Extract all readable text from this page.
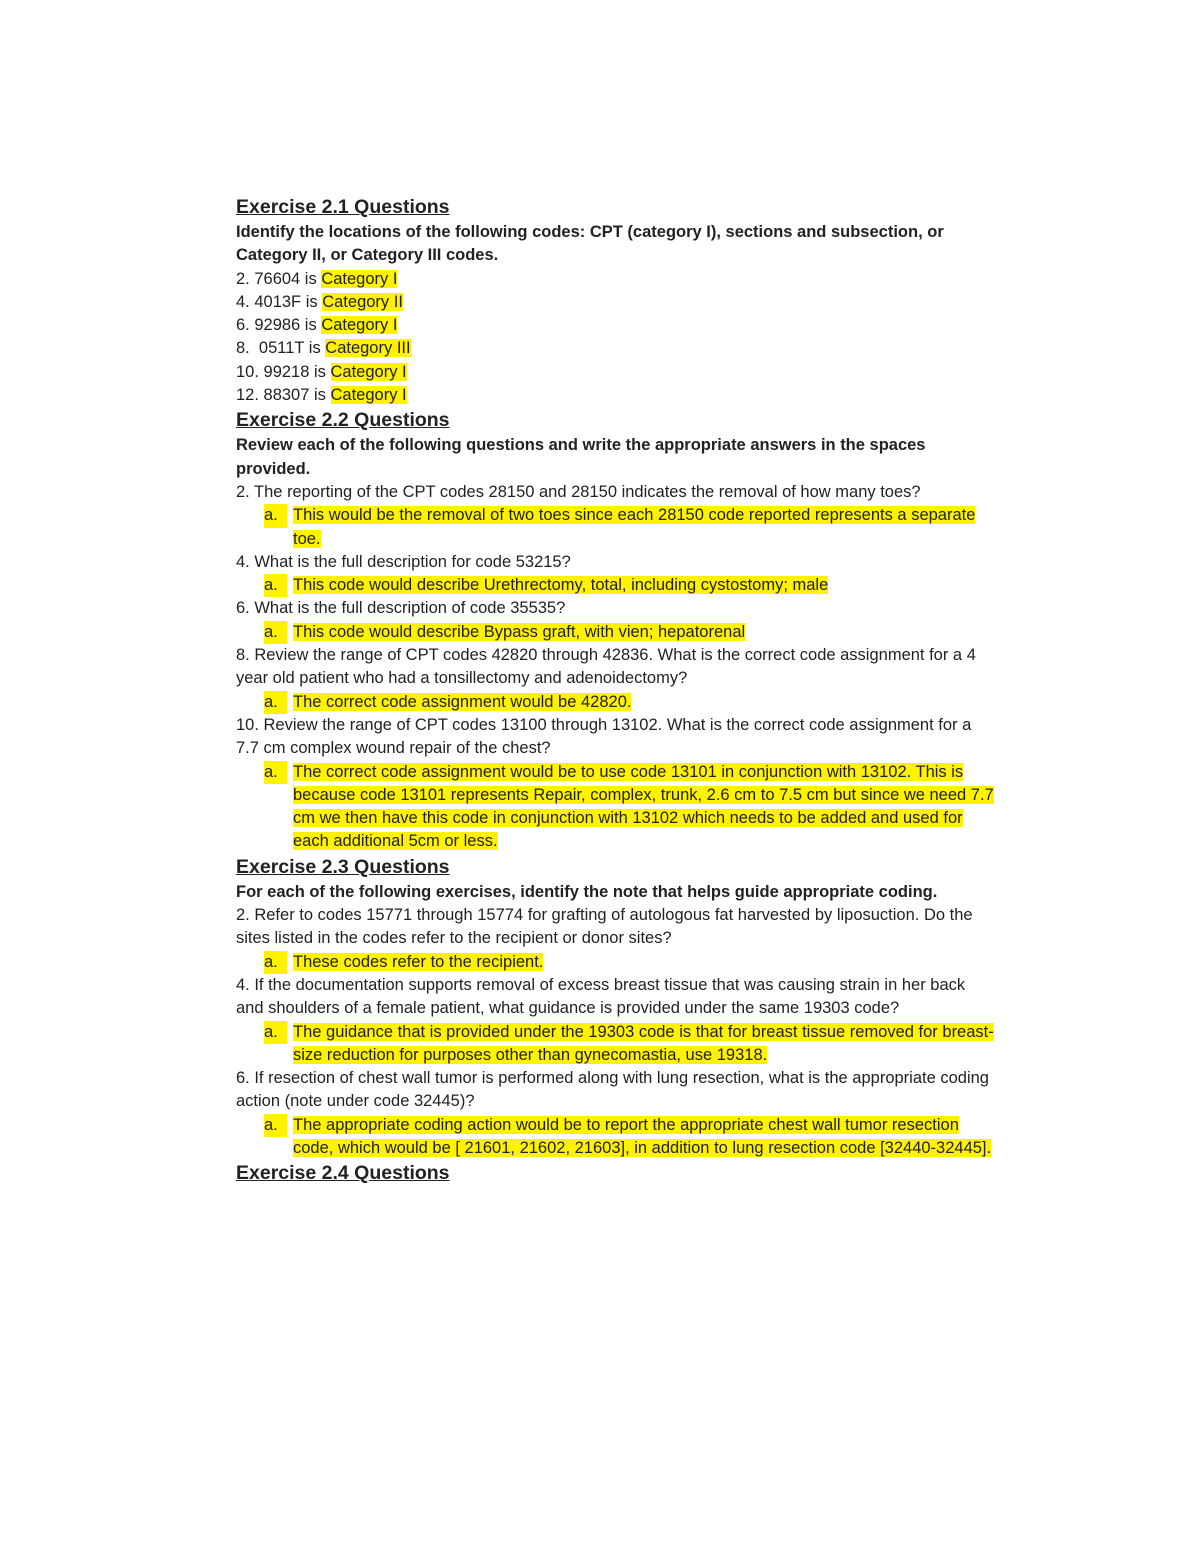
Exercise 2.1 Questions
Identify the locations of the following codes: CPT (category I), sections and subsection, or Category II, or Category III codes.
2. 76604 is Category I
4. 4013F is Category II
6. 92986 is Category I
8.  0511T is Category III
10. 99218 is Category I
12. 88307 is Category I
Exercise 2.2 Questions
Review each of the following questions and write the appropriate answers in the spaces provided.
2. The reporting of the CPT codes 28150 and 28150 indicates the removal of how many toes?
a. This would be the removal of two toes since each 28150 code reported represents a separate toe.
4. What is the full description for code 53215?
a. This code would describe Urethrectomy, total, including cystostomy; male
6. What is the full description of code 35535?
a. This code would describe Bypass graft, with vien; hepatorenal
8. Review the range of CPT codes 42820 through 42836. What is the correct code assignment for a 4 year old patient who had a tonsillectomy and adenoidectomy?
a. The correct code assignment would be 42820.
10. Review the range of CPT codes 13100 through 13102. What is the correct code assignment for a 7.7 cm complex wound repair of the chest?
a. The correct code assignment would be to use code 13101 in conjunction with 13102. This is because code 13101 represents Repair, complex, trunk, 2.6 cm to 7.5 cm but since we need 7.7 cm we then have this code in conjunction with 13102 which needs to be added and used for each additional 5cm or less.
Exercise 2.3 Questions
For each of the following exercises, identify the note that helps guide appropriate coding.
2. Refer to codes 15771 through 15774 for grafting of autologous fat harvested by liposuction. Do the sites listed in the codes refer to the recipient or donor sites?
a. These codes refer to the recipient.
4. If the documentation supports removal of excess breast tissue that was causing strain in her back and shoulders of a female patient, what guidance is provided under the same 19303 code?
a. The guidance that is provided under the 19303 code is that for breast tissue removed for breast-size reduction for purposes other than gynecomastia, use 19318.
6. If resection of chest wall tumor is performed along with lung resection, what is the appropriate coding action (note under code 32445)?
a. The appropriate coding action would be to report the appropriate chest wall tumor resection code, which would be [ 21601, 21602, 21603], in addition to lung resection code [32440-32445].
Exercise 2.4 Questions
